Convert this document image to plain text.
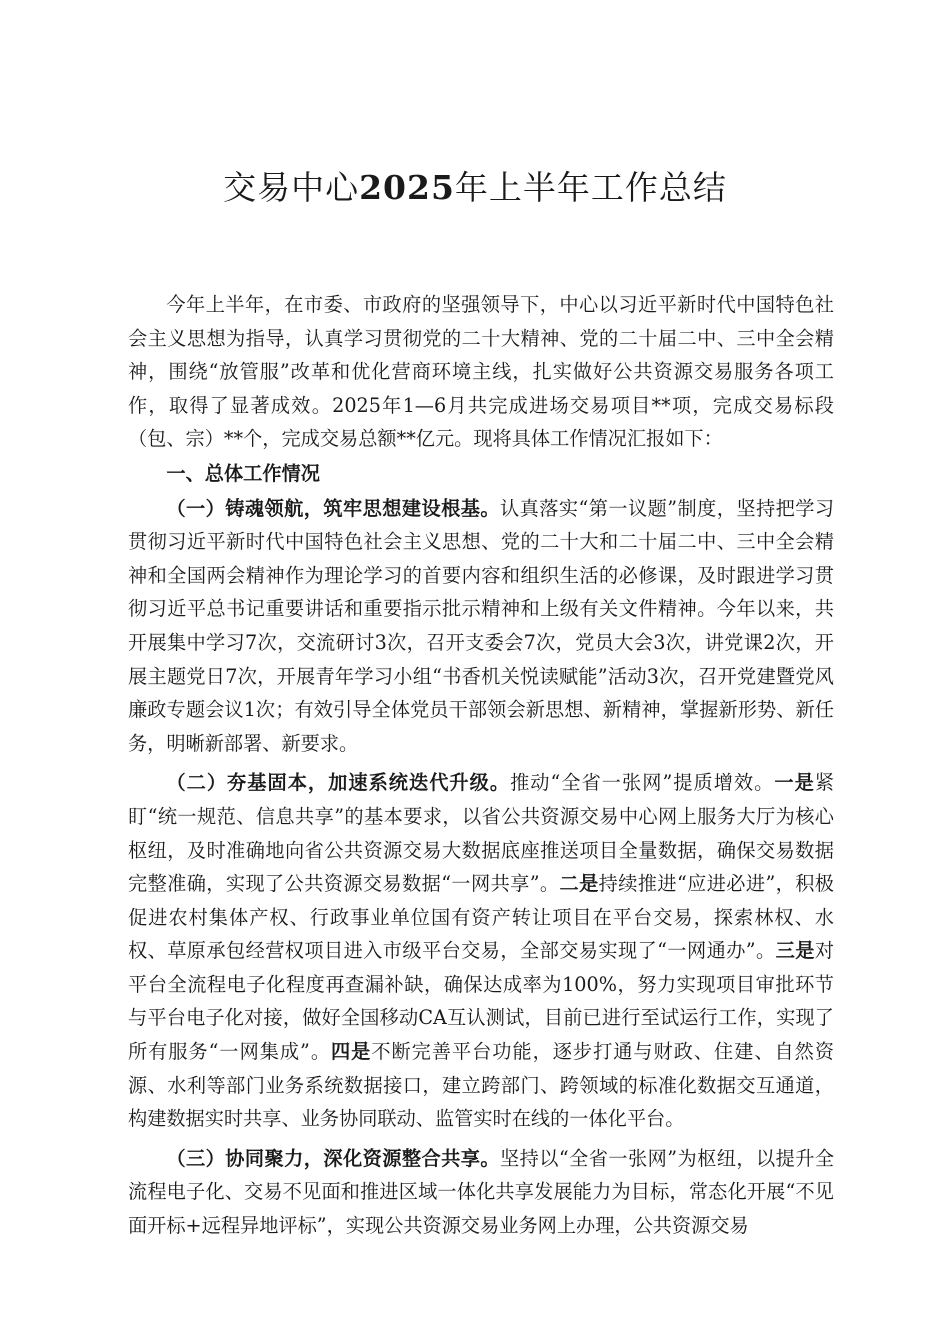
交易中心2025年上半年工作总结

今年上半年，在市委、市政府的坚强领导下，中心以习近平新时代中国特色社会主义思想为指导，认真学习贯彻党的二十大精神、党的二十届二中、三中全会精神，围绕“放管服”改革和优化营商环境主线，扎实做好公共资源交易服务各项工作，取得了显著成效。2025年1—6月共完成进场交易项目**项，完成交易标段（包、宗）**个，完成交易总额**亿元。现将具体工作情况汇报如下：

一、总体工作情况

（一）铸魂领航，筑牢思想建设根基。认真落实“第一议题”制度，坚持把学习贯彻习近平新时代中国特色社会主义思想、党的二十大和二十届二中、三中全会精神和全国两会精神作为理论学习的首要内容和组织生活的必修课，及时跟进学习贯彻习近平总书记重要讲话和重要指示批示精神和上级有关文件精神。今年以来，共开展集中学习7次，交流研讨3次，召开支委会7次，党员大会3次，讲党课2次，开展主题党日7次，开展青年学习小组“书香机关悦读赋能”活动3次，召开党建暨党风廉政专题会议1次；有效引导全体党员干部领会新思想、新精神，掌握新形势、新任务，明晰新部署、新要求。

（二）夯基固本，加速系统迭代升级。推动“全省一张网”提质增效。一是紧盯“统一规范、信息共享”的基本要求，以省公共资源交易中心网上服务大厅为核心枢纽，及时准确地向省公共资源交易大数据底座推送项目全量数据，确保交易数据完整准确，实现了公共资源交易数据“一网共享”。二是持续推进“应进必进”，积极促进农村集体产权、行政事业单位国有资产转让项目在平台交易，探索林权、水权、草原承包经营权项目进入市级平台交易，全部交易实现了“一网通办”。三是对平台全流程电子化程度再查漏补缺，确保达成率为100%，努力实现项目审批环节与平台电子化对接，做好全国移动CA互认测试，目前已进行至试运行工作，实现了所有服务“一网集成”。四是不断完善平台功能，逐步打通与财政、住建、自然资源、水利等部门业务系统数据接口，建立跨部门、跨领域的标准化数据交互通道，构建数据实时共享、业务协同联动、监管实时在线的一体化平台。

（三）协同聚力，深化资源整合共享。坚持以“全省一张网”为枢纽，以提升全流程电子化、交易不见面和推进区域一体化共享发展能力为目标，常态化开展“不见面开标+远程异地评标”，实现公共资源交易业务网上办理，公共资源交易
